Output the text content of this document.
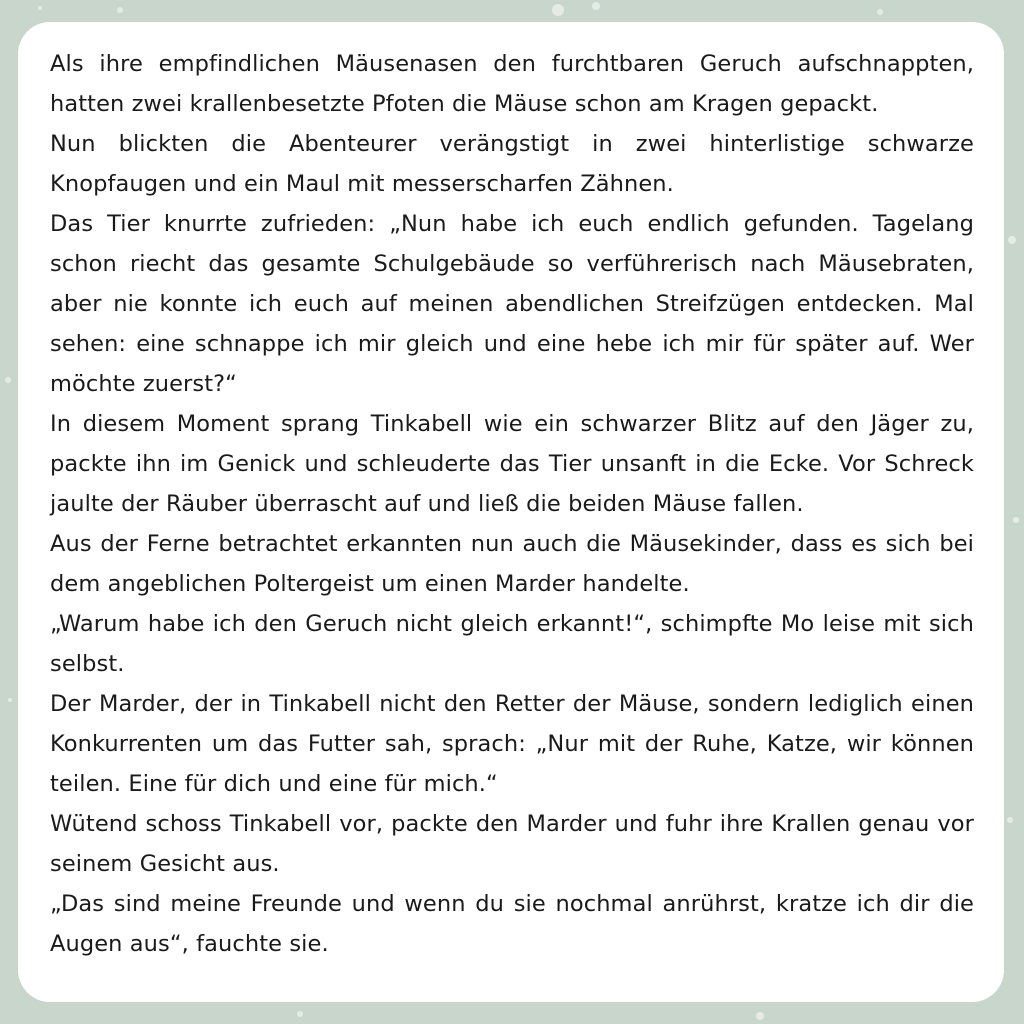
Als ihre empfindlichen Mäusenasen den furchtbaren Geruch aufschnappten, hatten zwei krallenbesetzte Pfoten die Mäuse schon am Kragen gepackt.

Nun blickten die Abenteurer verängstigt in zwei hinterlistige schwarze Knopfaugen und ein Maul mit messerscharfen Zähnen.

Das Tier knurrte zufrieden: „Nun habe ich euch endlich gefunden. Tagelang schon riecht das gesamte Schulgebäude so verführerisch nach Mäusebraten, aber nie konnte ich euch auf meinen abendlichen Streifzügen entdecken. Mal sehen: eine schnappe ich mir gleich und eine hebe ich mir für später auf. Wer möchte zuerst?“

In diesem Moment sprang Tinkabell wie ein schwarzer Blitz auf den Jäger zu, packte ihn im Genick und schleuderte das Tier unsanft in die Ecke. Vor Schreck jaulte der Räuber überrascht auf und ließ die beiden Mäuse fallen.

Aus der Ferne betrachtet erkannten nun auch die Mäusekinder, dass es sich bei dem angeblichen Poltergeist um einen Marder handelte.

„Warum habe ich den Geruch nicht gleich erkannt!“, schimpfte Mo leise mit sich selbst.

Der Marder, der in Tinkabell nicht den Retter der Mäuse, sondern lediglich einen Konkurrenten um das Futter sah, sprach: „Nur mit der Ruhe, Katze, wir können teilen. Eine für dich und eine für mich.“

Wütend schoss Tinkabell vor, packte den Marder und fuhr ihre Krallen genau vor seinem Gesicht aus.

„Das sind meine Freunde und wenn du sie nochmal anrührst, kratze ich dir die Augen aus“, fauchte sie.
